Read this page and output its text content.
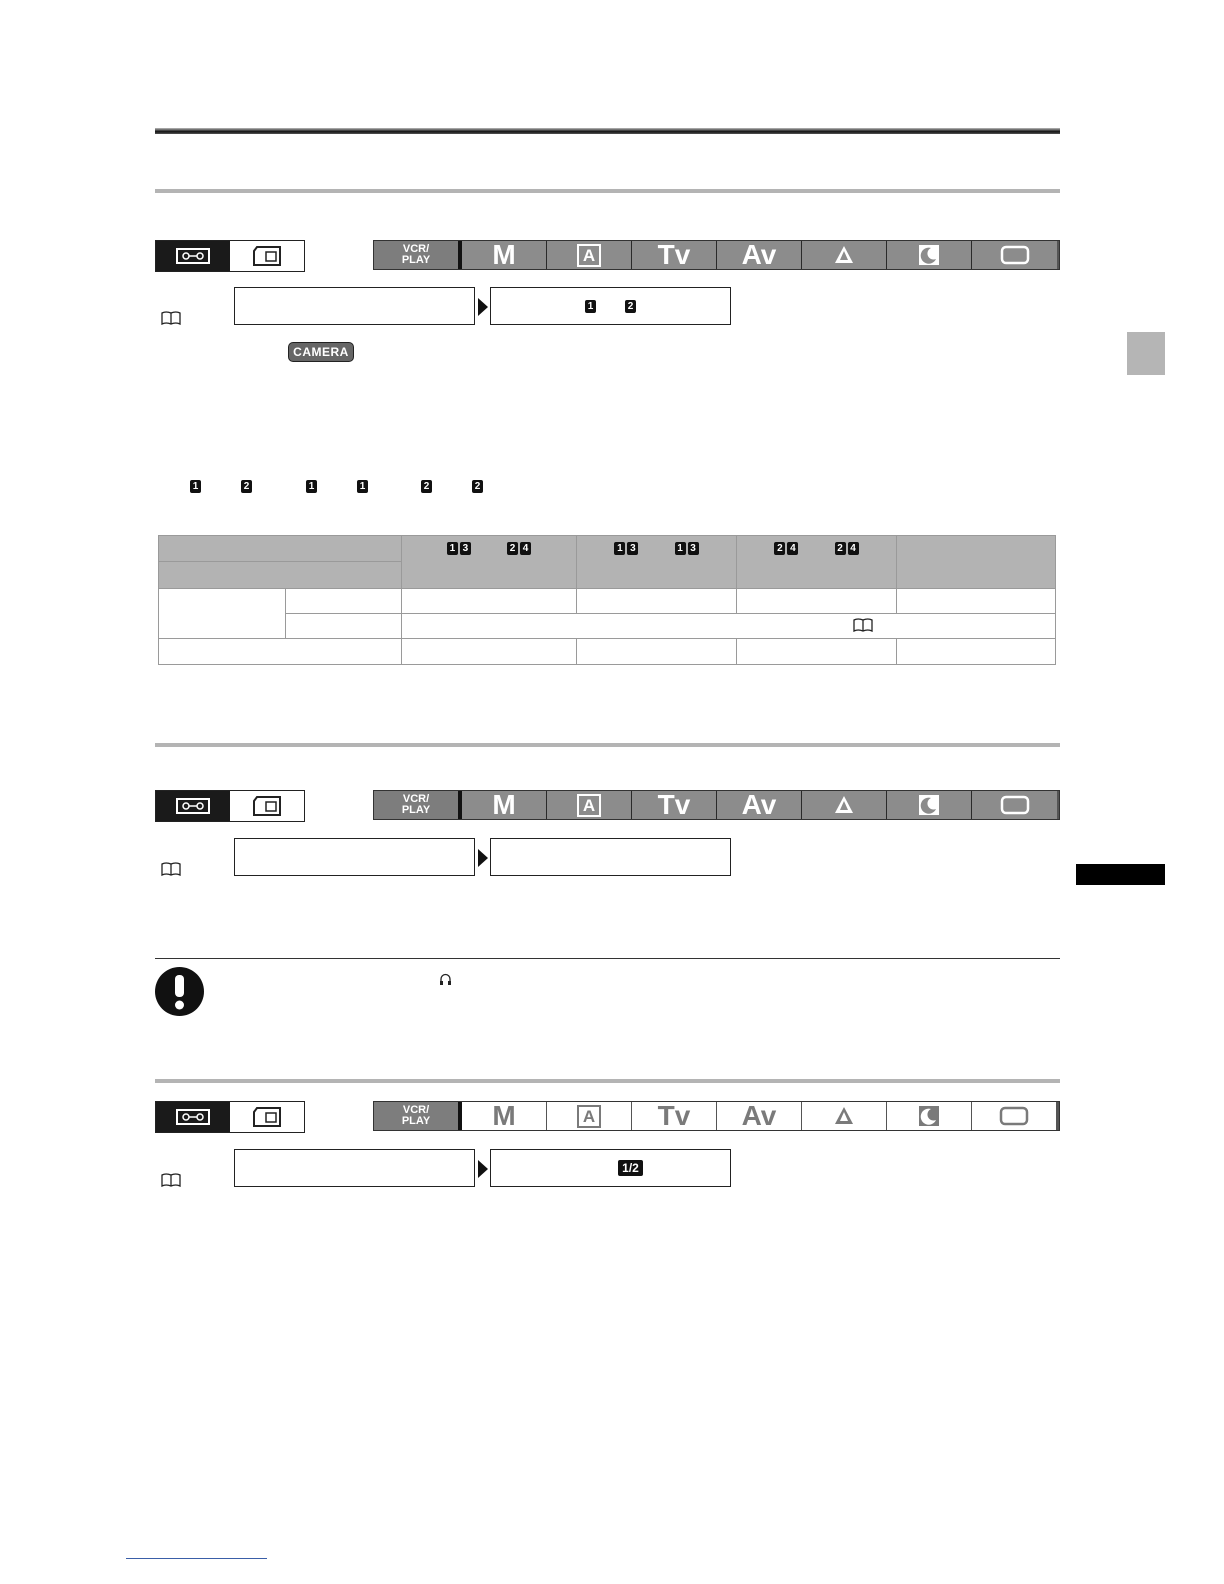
VCR/
PLAY	M	A	Tv	Av
1	2
CAMERA
1	2	1	1	2	2
		1 3 2 4	1 3 1 3	2 4 2 4	

VCR/
PLAY	M	A	Tv	Av
VCR/
PLAY	M	A	Tv	Av
1/2
